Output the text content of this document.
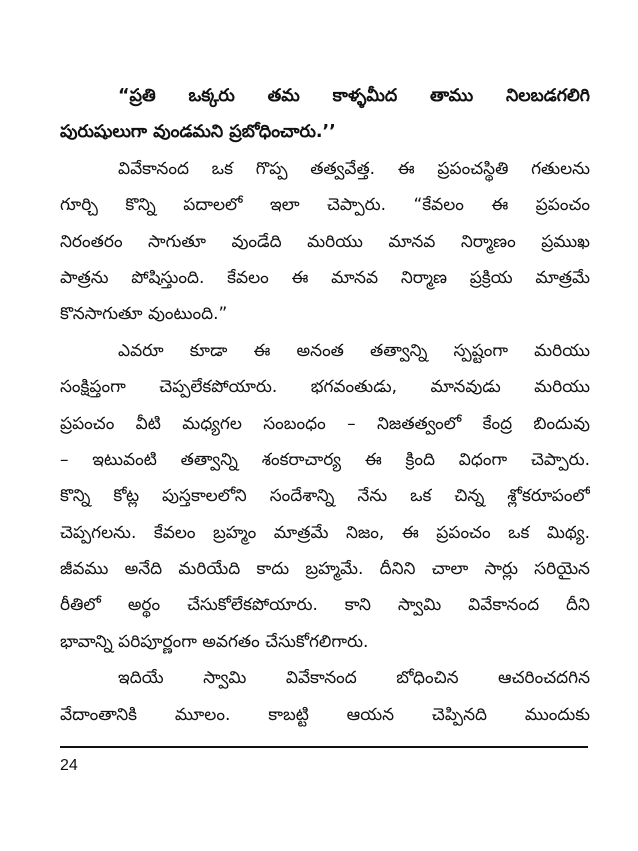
“ప్రతి ఒక్కరు తమ కాళ్ళమీద తాము నిలబడగలిగి
పురుషులుగా వుండమని ప్రబోధించారు.’’
వివేకానంద ఒక గొప్ప తత్వవేత్త. ఈ ప్రపంచస్థితి గతులను
గూర్చి కొన్ని పదాలలో ఇలా చెప్పారు. “కేవలం ఈ ప్రపంచం
నిరంతరం సాగుతూ వుండేది మరియు మానవ నిర్మాణం ప్రముఖ
పాత్రను పోషిస్తుంది. కేవలం ఈ మానవ నిర్మాణ ప్రక్రియ మాత్రమే
కొనసాగుతూ వుంటుంది.”
ఎవరూ కూడా ఈ అనంత తత్వాన్ని స్పష్టంగా మరియు
సంక్షిప్తంగా చెప్పలేకపోయారు. భగవంతుడు, మానవుడు మరియు
ప్రపంచం వీటి మధ్యగల సంబంధం – నిజతత్వంలో కేంద్ర బిందువు
– ఇటువంటి తత్వాన్ని శంకరాచార్య ఈ క్రింది విధంగా చెప్పారు.
కొన్ని కోట్ల పుస్తకాలలోని సందేశాన్ని నేను ఒక చిన్న శ్లోకరూపంలో
చెప్పగలను. కేవలం బ్రహ్మం మాత్రమే నిజం, ఈ ప్రపంచం ఒక మిథ్య.
జీవము అనేది మరియేది కాదు బ్రహ్మమే. దీనిని చాలా సార్లు సరియైన
రీతిలో అర్థం చేసుకోలేకపోయారు. కాని స్వామి వివేకానంద దీని
భావాన్ని పరిపూర్ణంగా అవగతం చేసుకోగలిగారు.
ఇదియే స్వామి వివేకానంద బోధించిన ఆచరించదగిన
వేదాంతానికి మూలం. కాబట్టి ఆయన చెప్పినది ముందుకు
24
